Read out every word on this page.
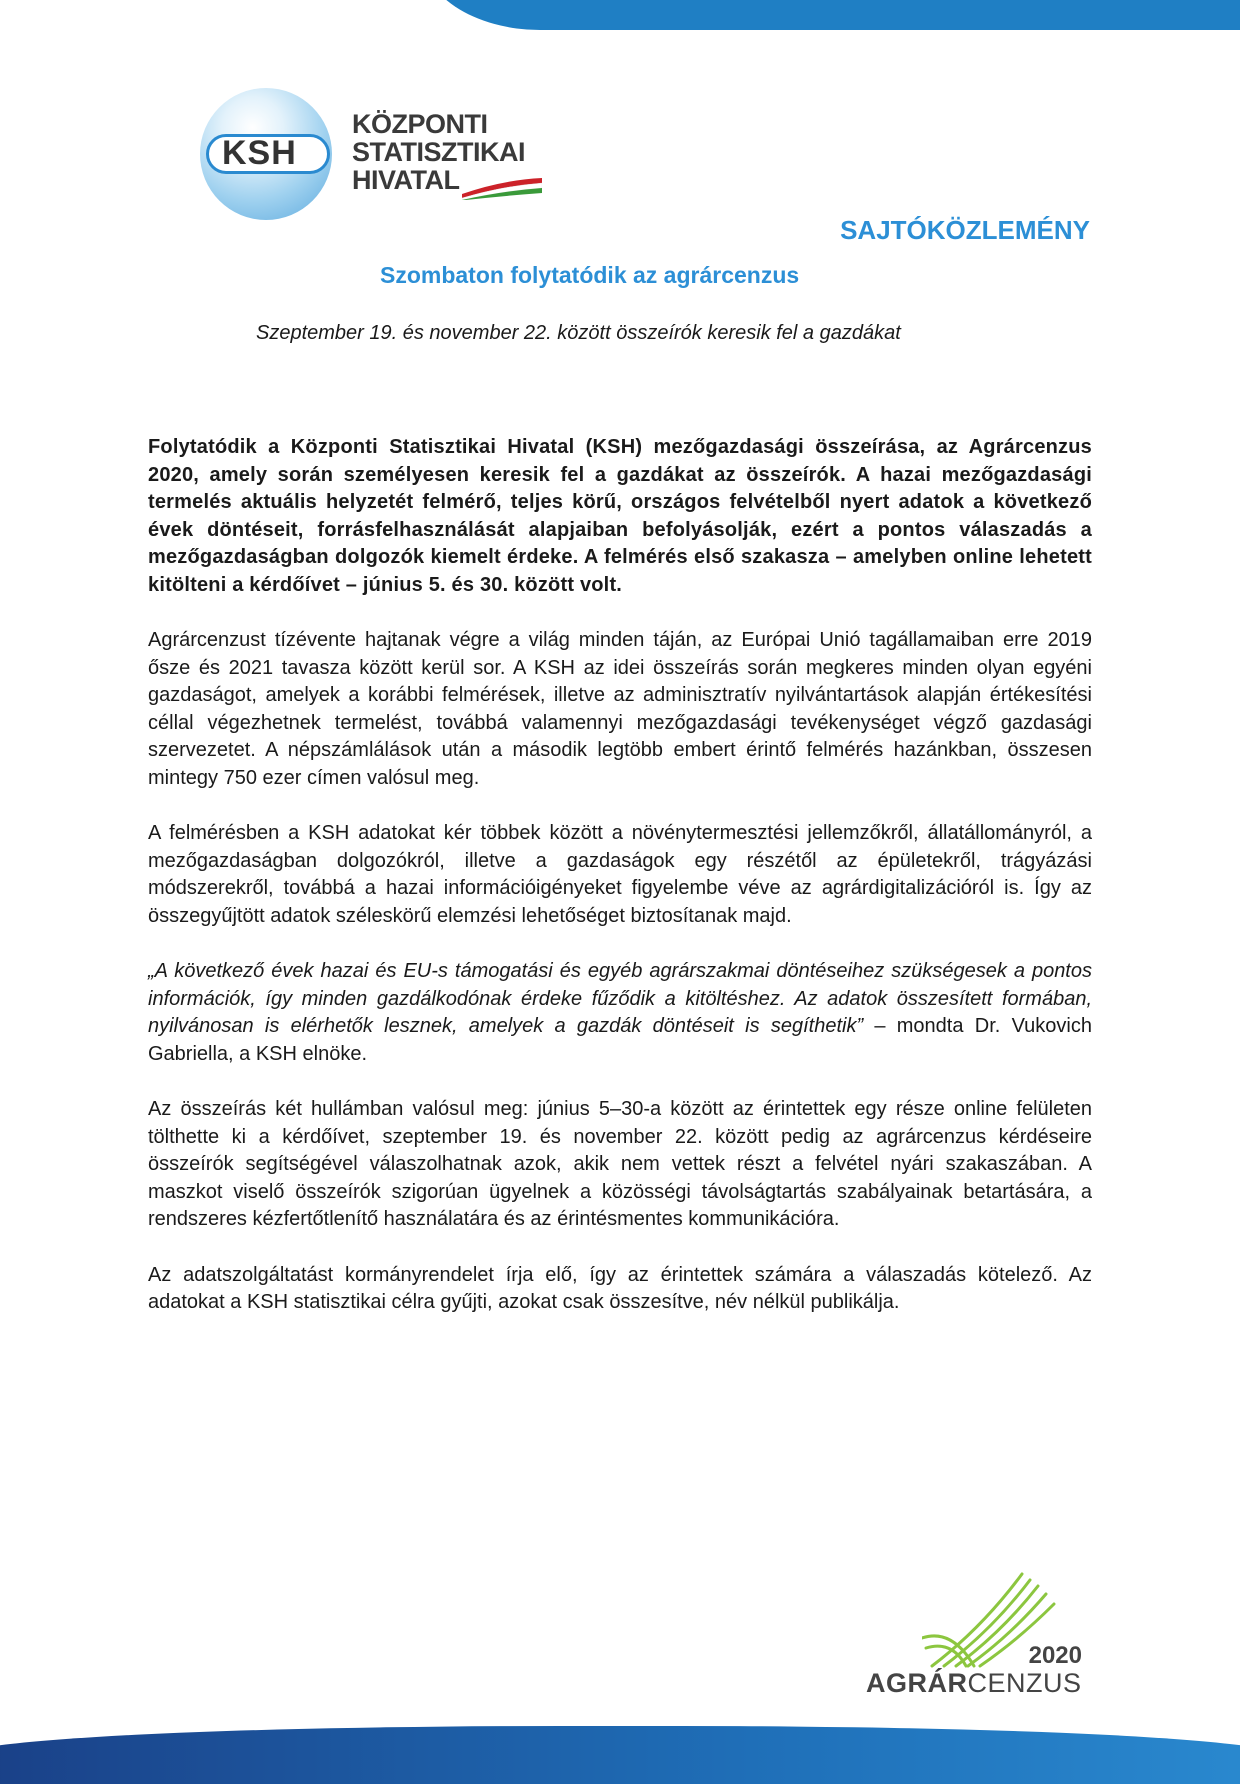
KSH
KÖZPONTI
STATISZTIKAI
HIVATAL
SAJTÓKÖZLEMÉNY
Szombaton folytatódik az agrárcenzus
Szeptember 19. és november 22. között összeírók keresik fel a gazdákat

Folytatódik a Központi Statisztikai Hivatal (KSH) mezőgazdasági összeírása, az Agrárcenzus 2020, amely során személyesen keresik fel a gazdákat az összeírók. A hazai mezőgazdasági termelés aktuális helyzetét felmérő, teljes körű, országos felvételből nyert adatok a következő évek döntéseit, forrásfelhasználását alapjaiban befolyásolják, ezért a pontos válaszadás a mezőgazdaságban dolgozók kiemelt érdeke. A felmérés első szakasza – amelyben online lehetett kitölteni a kérdőívet – június 5. és 30. között volt.

Agrárcenzust tízévente hajtanak végre a világ minden táján, az Európai Unió tagállamaiban erre 2019 ősze és 2021 tavasza között kerül sor. A KSH az idei összeírás során megkeres minden olyan egyéni gazdaságot, amelyek a korábbi felmérések, illetve az adminisztratív nyilvántartások alapján értékesítési céllal végezhetnek termelést, továbbá valamennyi mezőgazdasági tevékenységet végző gazdasági szervezetet. A népszámlálások után a második legtöbb embert érintő felmérés hazánkban, összesen mintegy 750 ezer címen valósul meg.

A felmérésben a KSH adatokat kér többek között a növénytermesztési jellemzőkről, állatállományról, a mezőgazdaságban dolgozókról, illetve a gazdaságok egy részétől az épületekről, trágyázási módszerekről, továbbá a hazai információigényeket figyelembe véve az agrárdigitalizációról is. Így az összegyűjtött adatok széleskörű elemzési lehetőséget biztosítanak majd.

„A következő évek hazai és EU-s támogatási és egyéb agrárszakmai döntéseihez szükségesek a pontos információk, így minden gazdálkodónak érdeke fűződik a kitöltéshez. Az adatok összesített formában, nyilvánosan is elérhetők lesznek, amelyek a gazdák döntéseit is segíthetik” – mondta Dr. Vukovich Gabriella, a KSH elnöke.

Az összeírás két hullámban valósul meg: június 5–30-a között az érintettek egy része online felületen tölthette ki a kérdőívet, szeptember 19. és november 22. között pedig az agrárcenzus kérdéseire összeírók segítségével válaszolhatnak azok, akik nem vettek részt a felvétel nyári szakaszában. A maszkot viselő összeírók szigorúan ügyelnek a közösségi távolságtartás szabályainak betartására, a rendszeres kézfertőtlenítő használatára és az érintésmentes kommunikációra.

Az adatszolgáltatást kormányrendelet írja elő, így az érintettek számára a válaszadás kötelező. Az adatokat a KSH statisztikai célra gyűjti, azokat csak összesítve, név nélkül publikálja.

2020
AGRÁRCENZUS
